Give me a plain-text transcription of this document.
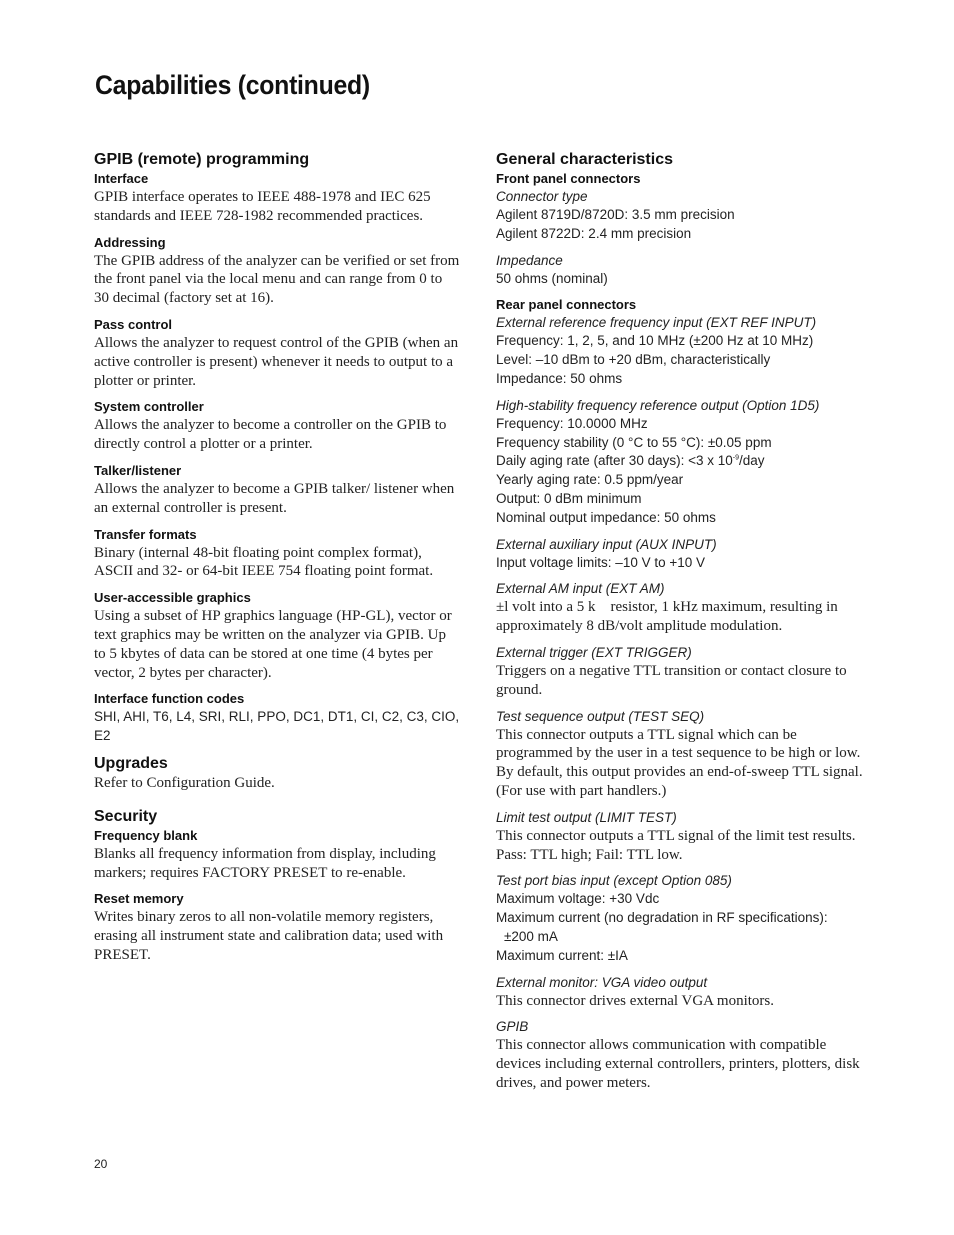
Capabilities (continued)
GPIB (remote) programming
Interface
GPIB interface operates to IEEE 488-1978 and IEC 625 standards and IEEE 728-1982 recommended practices.
Addressing
The GPIB address of the analyzer can be verified or set from the front panel via the local menu and can range from 0 to 30 decimal (factory set at 16).
Pass control
Allows the analyzer to request control of the GPIB (when an active controller is present) whenever it needs to output to a plotter or printer.
System controller
Allows the analyzer to become a controller on the GPIB to directly control a plotter or a printer.
Talker/listener
Allows the analyzer to become a GPIB talker/ listener when an external controller is present.
Transfer formats
Binary (internal 48-bit floating point complex format), ASCII and 32- or 64-bit IEEE 754 floating point format.
User-accessible graphics
Using a subset of HP graphics language (HP-GL), vector or text graphics may be written on the analyzer via GPIB. Up to 5 kbytes of data can be stored at one time (4 bytes per vector, 2 bytes per character).
Interface function codes
SHI, AHI, T6, L4, SRI, RLI, PPO, DC1, DT1, CI, C2, C3, CIO, E2
Upgrades
Refer to Configuration Guide.
Security
Frequency blank
Blanks all frequency information from display, including markers; requires FACTORY PRESET to re-enable.
Reset memory
Writes binary zeros to all non-volatile memory registers, erasing all instrument state and calibration data; used with PRESET.
General characteristics
Front panel connectors
Connector type
Agilent 8719D/8720D: 3.5 mm precision
Agilent 8722D: 2.4 mm precision
Impedance
50 ohms (nominal)
Rear panel connectors
External reference frequency input (EXT REF INPUT)
Frequency: 1, 2, 5, and 10 MHz (±200 Hz at 10 MHz)
Level: –10 dBm to +20 dBm, characteristically
Impedance: 50 ohms
High-stability frequency reference output (Option 1D5)
Frequency: 10.0000 MHz
Frequency stability (0 °C to 55 °C): ±0.05 ppm
Daily aging rate (after 30 days): <3 x $10^{-9}$/day
Yearly aging rate: 0.5 ppm/year
Output: 0 dBm minimum
Nominal output impedance: 50 ohms
External auxiliary input (AUX INPUT)
Input voltage limits: –10 V to +10 V
External AM input (EXT AM)
±l volt into a 5 k    resistor, 1 kHz maximum, resulting in approximately 8 dB/volt amplitude modulation.
External trigger (EXT TRIGGER)
Triggers on a negative TTL transition or contact closure to ground.
Test sequence output (TEST SEQ)
This connector outputs a TTL signal which can be programmed by the user in a test sequence to be high or low. By default, this output provides an end-of-sweep TTL signal. (For use with part handlers.)
Limit test output (LIMIT TEST)
This connector outputs a TTL signal of the limit test results. Pass: TTL high; Fail: TTL low.
Test port bias input (except Option 085)
Maximum voltage: +30 Vdc
Maximum current (no degradation in RF specifications):
±200 mA
Maximum current: ±IA
External monitor: VGA video output
This connector drives external VGA monitors.
GPIB
This connector allows communication with compatible devices including external controllers, printers, plotters, disk drives, and power meters.
20
